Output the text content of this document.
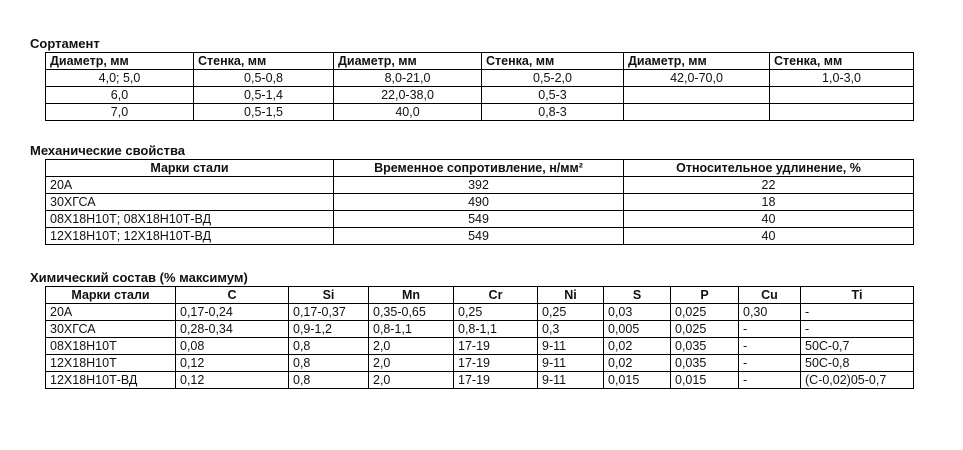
Сортамент
Диаметр, мм	Стенка, мм	Диаметр, мм	Стенка, мм	Диаметр, мм	Стенка, мм
4,0; 5,0	0,5-0,8	8,0-21,0	0,5-2,0	42,0-70,0	1,0-3,0
6,0	0,5-1,4	22,0-38,0	0,5-3		
7,0	0,5-1,5	40,0	0,8-3		
Механические свойства
Марки стали	Временное сопротивление, н/мм²	Относительное удлинение, %
20А	392	22
30ХГСА	490	18
08Х18Н10Т; 08Х18Н10Т-ВД	549	40
12Х18Н10Т; 12Х18Н10Т-ВД	549	40
Химический состав (% максимум)
Марки стали	C	Si	Mn	Cr	Ni	S	P	Cu	Ti
20А	0,17-0,24	0,17-0,37	0,35-0,65	0,25	0,25	0,03	0,025	0,30	-
30ХГСА	0,28-0,34	0,9-1,2	0,8-1,1	0,8-1,1	0,3	0,005	0,025	-	-
08Х18Н10Т	0,08	0,8	2,0	17-19	9-11	0,02	0,035	-	50С-0,7
12Х18Н10Т	0,12	0,8	2,0	17-19	9-11	0,02	0,035	-	50С-0,8
12Х18Н10Т-ВД	0,12	0,8	2,0	17-19	9-11	0,015	0,015	-	(С-0,02)05-0,7
